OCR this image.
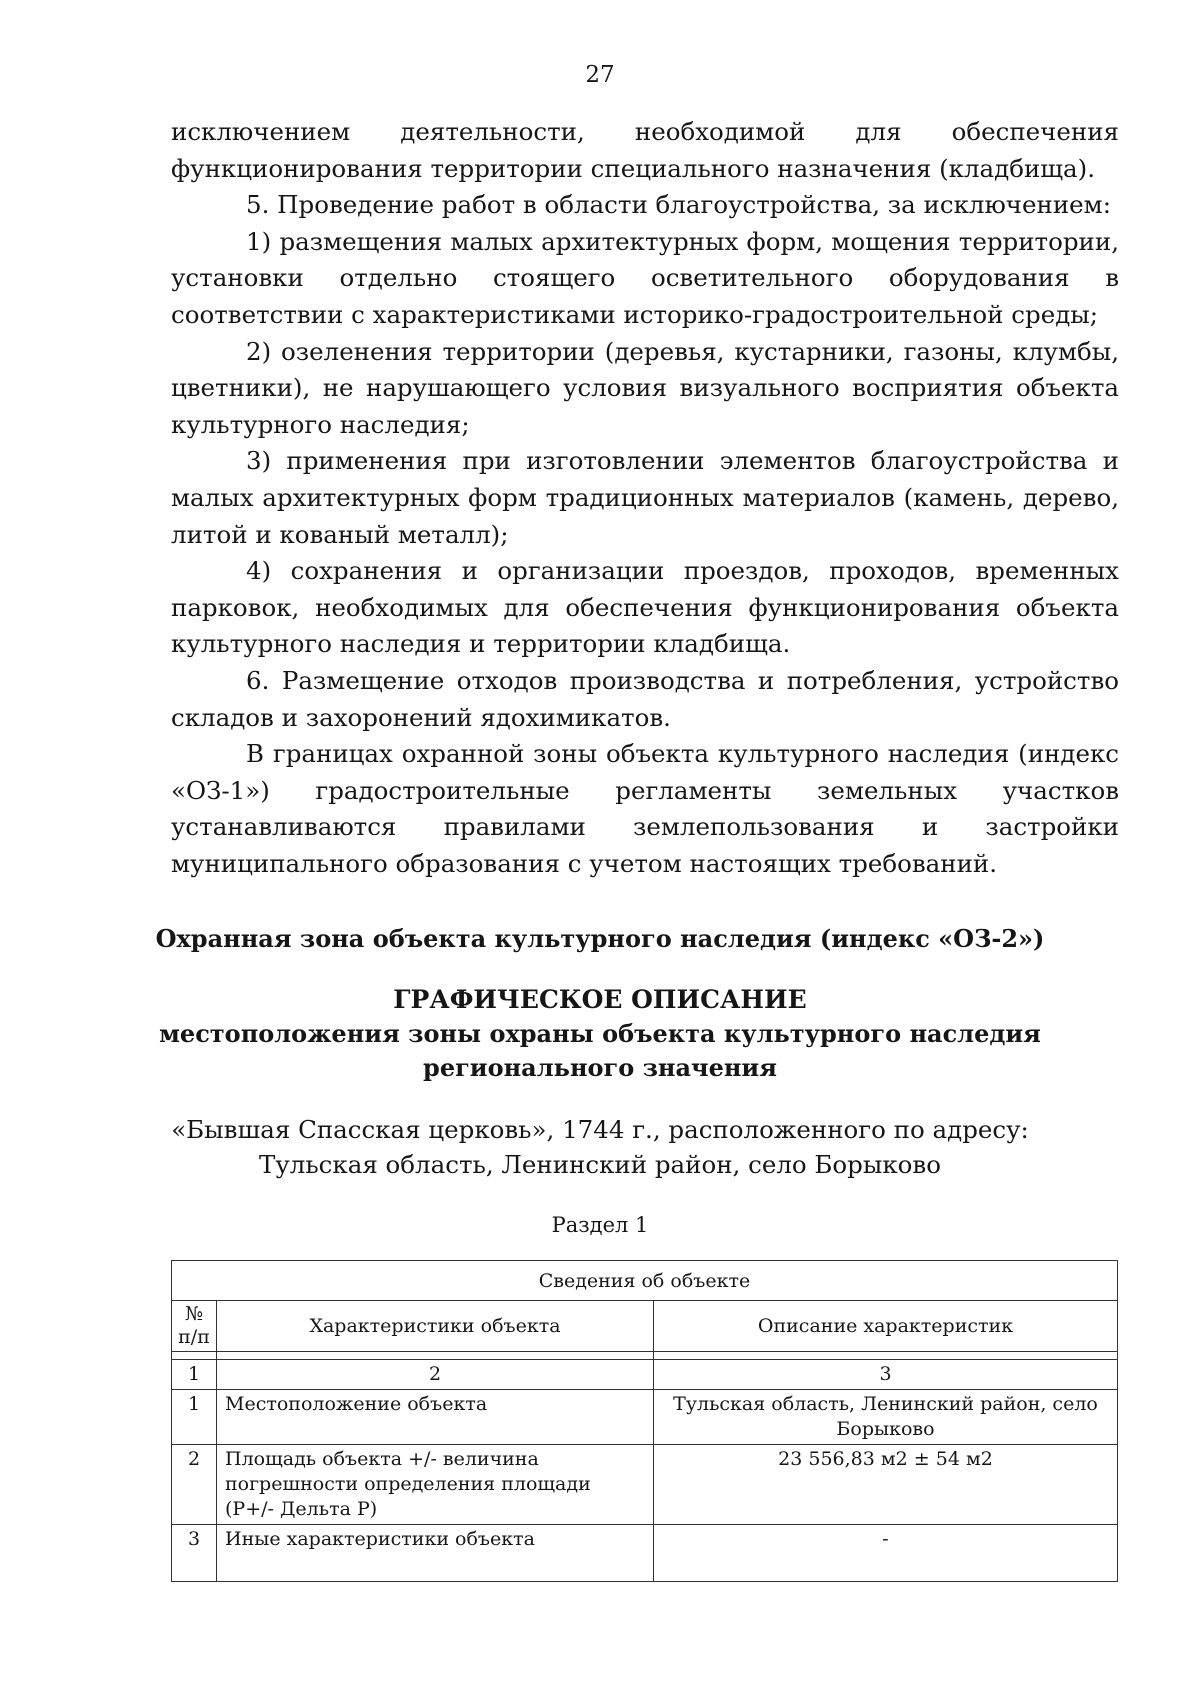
27

исключением деятельности, необходимой для обеспечения функционирования территории специального назначения (кладбища).

5. Проведение работ в области благоустройства, за исключением:

1) размещения малых архитектурных форм, мощения территории, установки отдельно стоящего осветительного оборудования в соответствии с характеристиками историко-градостроительной среды;

2) озеленения территории (деревья, кустарники, газоны, клумбы, цветники), не нарушающего условия визуального восприятия объекта культурного наследия;

3) применения при изготовлении элементов благоустройства и малых архитектурных форм традиционных материалов (камень, дерево, литой и кованый металл);

4) сохранения и организации проездов, проходов, временных парковок, необходимых для обеспечения функционирования объекта культурного наследия и территории кладбища.

6. Размещение отходов производства и потребления, устройство складов и захоронений ядохимикатов.

В границах охранной зоны объекта культурного наследия (индекс «ОЗ-1») градостроительные регламенты земельных участков устанавливаются правилами землепользования и застройки муниципального образования с учетом настоящих требований.

Охранная зона объекта культурного наследия (индекс «ОЗ-2»)
ГРАФИЧЕСКОЕ ОПИСАНИЕ
местоположения зоны охраны объекта культурного наследия
регионального значения
«Бывшая Спасская церковь», 1744 г., расположенного по адресу:
Тульская область, Ленинский район, село Борыково
Раздел 1
Сведения об объекте		
№ п/п	Характеристики объекта	Описание характеристик

1	2	3
1	Местоположение объекта	Тульская область, Ленинский район, село Борыково
2	Площадь объекта +/- величина погрешности определения площади (Р+/- Дельта Р)	23 556,83 м2 ± 54 м2
3	Иные характеристики объекта	-
